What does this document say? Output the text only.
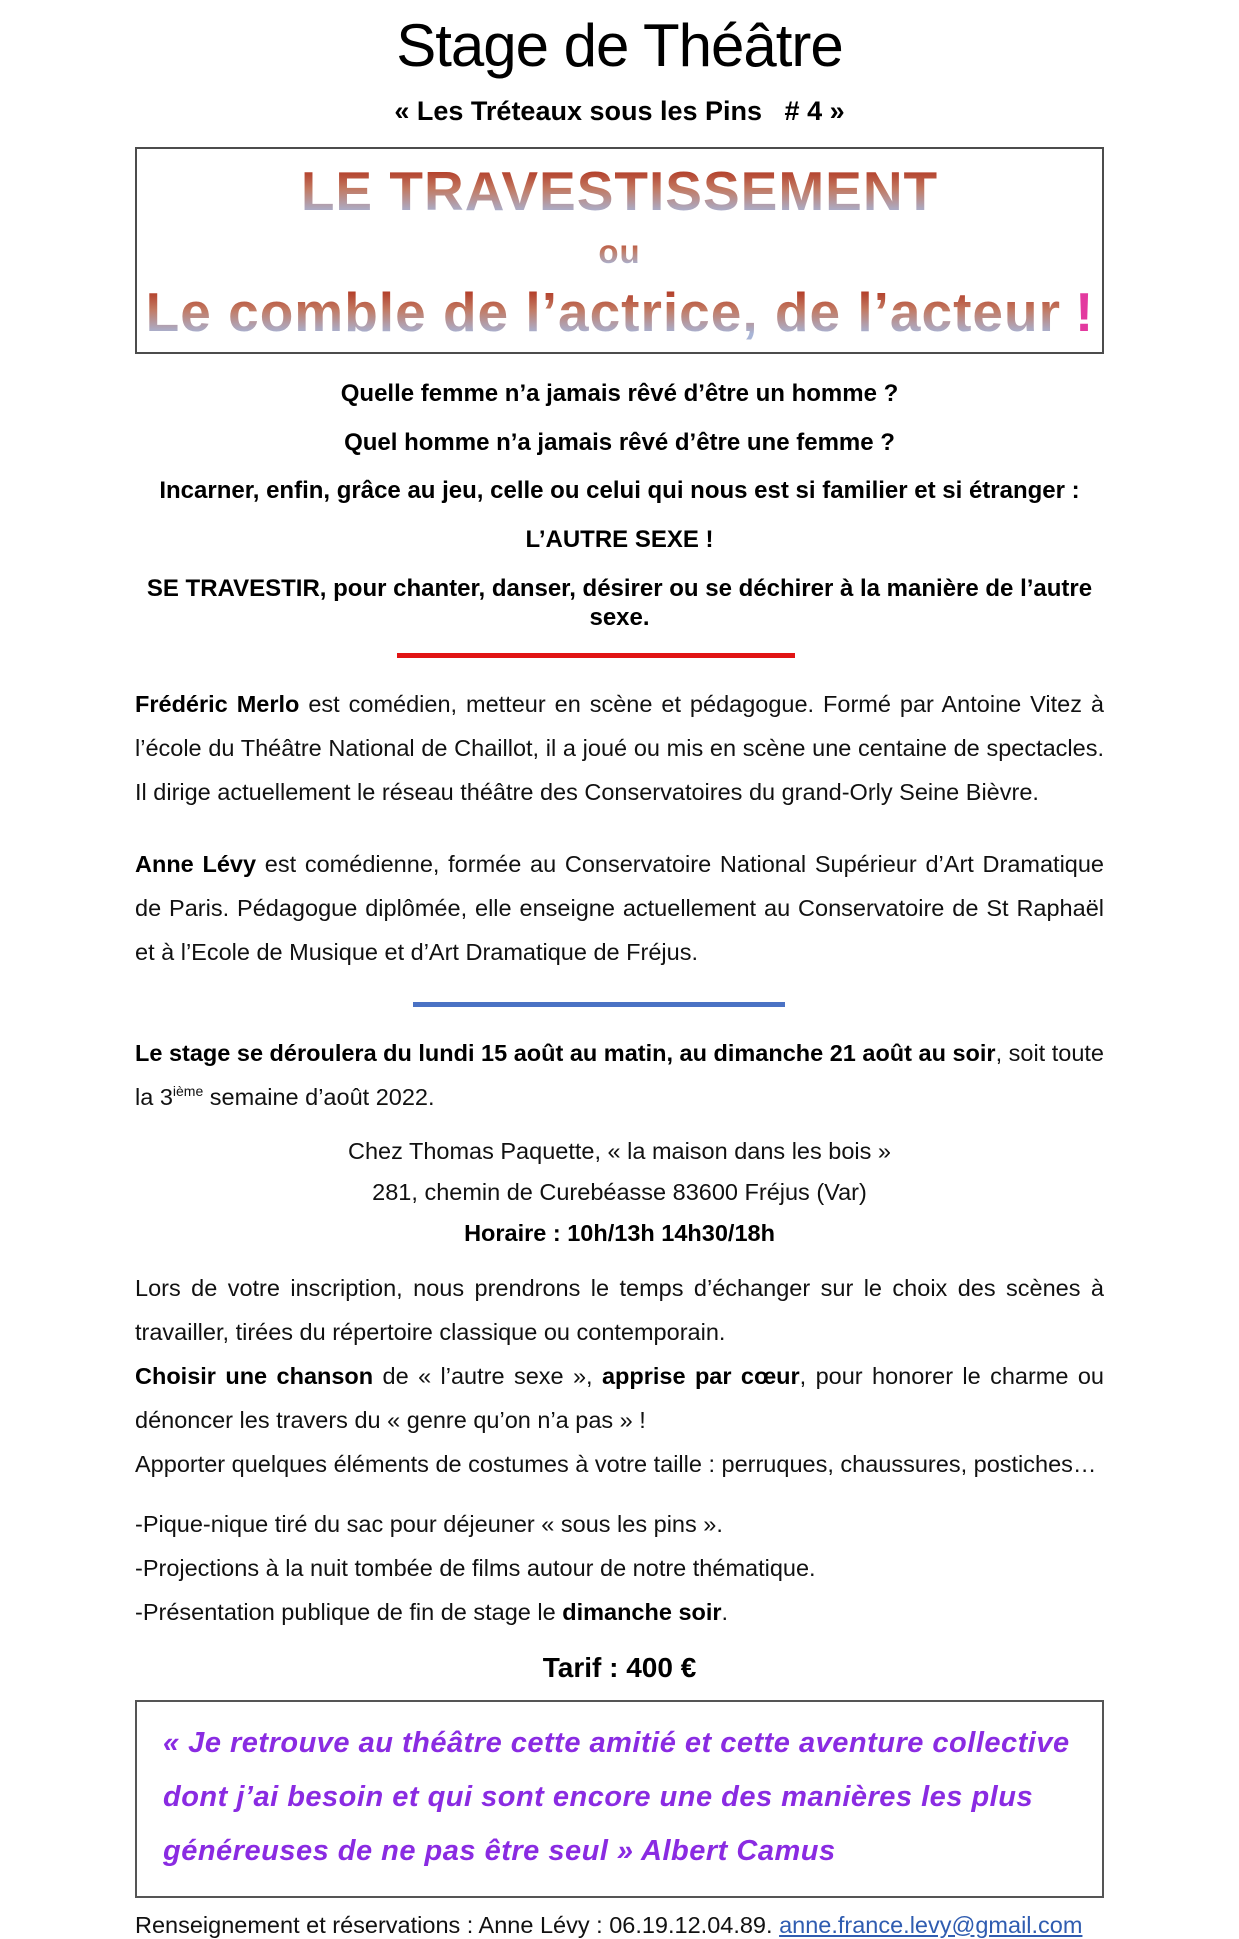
Stage de Théâtre
« Les Tréteaux sous les Pins   # 4 »
LE TRAVESTISSEMENT
ou
Le comble de l’actrice, de l’acteur !

Quelle femme n’a jamais rêvé d’être un homme ?

Quel homme n’a jamais rêvé d’être une femme ?

Incarner, enfin, grâce au jeu, celle ou celui qui nous est si familier et si étranger :

L’AUTRE SEXE !

SE TRAVESTIR, pour chanter, danser, désirer ou se déchirer à la manière de l’autre sexe.

Frédéric Merlo est comédien, metteur en scène et pédagogue. Formé par Antoine Vitez à l’école du Théâtre National de Chaillot, il a joué ou mis en scène une centaine de spectacles. Il dirige actuellement le réseau théâtre des Conservatoires du grand-Orly Seine Bièvre.

Anne Lévy est comédienne, formée au Conservatoire National Supérieur d’Art Dramatique de Paris. Pédagogue diplômée, elle enseigne actuellement au Conservatoire de St Raphaël et à l’Ecole de Musique et d’Art Dramatique de Fréjus.

Le stage se déroulera du lundi 15 août au matin, au dimanche 21 août au soir, soit toute la 3ième semaine d’août 2022.

Chez Thomas Paquette, « la maison dans les bois »

281, chemin de Curebéasse 83600 Fréjus (Var)

Horaire : 10h/13h 14h30/18h

Lors de votre inscription, nous prendrons le temps d’échanger sur le choix des scènes à travailler, tirées du répertoire classique ou contemporain.

Choisir une chanson de « l’autre sexe », apprise par cœur, pour honorer le charme ou dénoncer les travers du « genre qu’on n’a pas » !

Apporter quelques éléments de costumes à votre taille : perruques, chaussures, postiches…

-Pique-nique tiré du sac pour déjeuner « sous les pins ».

-Projections à la nuit tombée de films autour de notre thématique.

-Présentation publique de fin de stage le dimanche soir.

Tarif : 400 €

« Je retrouve au théâtre cette amitié et cette aventure collective dont j’ai besoin et qui sont encore une des manières les plus généreuses de ne pas être seul » Albert Camus

Renseignement et réservations : Anne Lévy : 06.19.12.04.89. anne.france.levy@gmail.com
